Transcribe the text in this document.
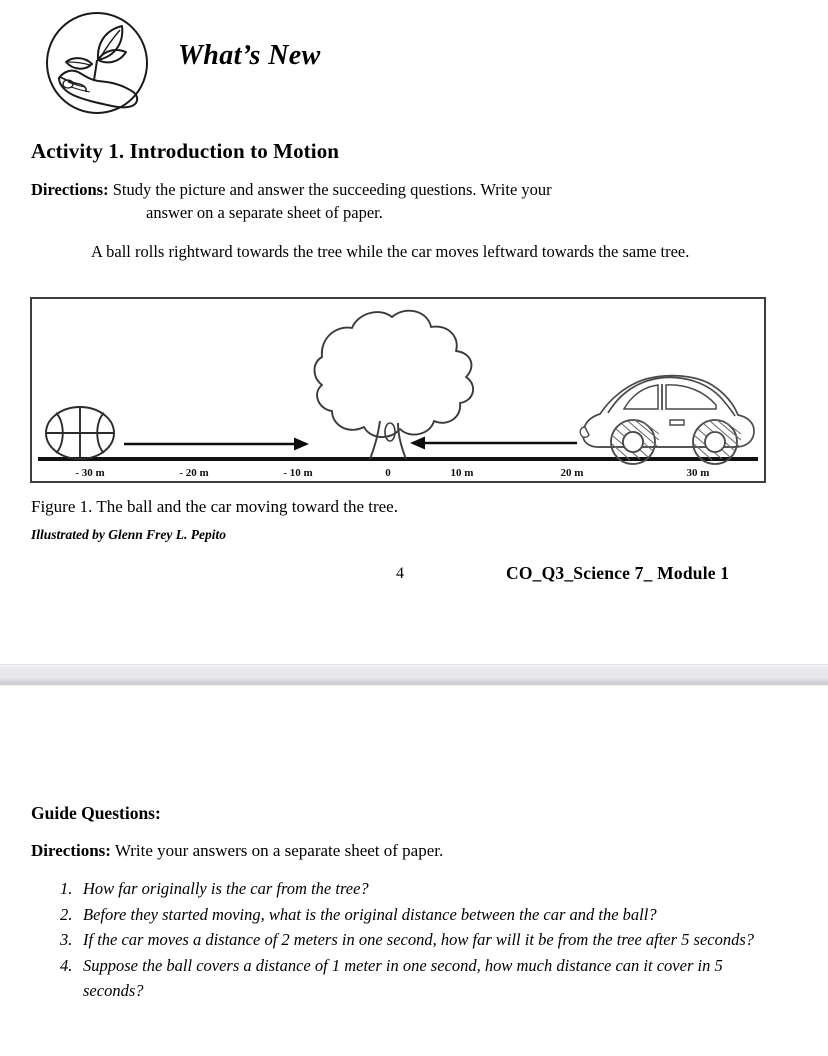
What’s New
Activity 1. Introduction to Motion
Directions: Study the picture and answer the succeeding questions. Write your
answer on a separate sheet of paper.
A ball rolls rightward towards the tree while the car moves leftward towards the same tree.
- 30 m	- 20 m	- 10 m	0	10 m	20 m	30 m
Figure 1. The ball and the car moving toward the tree.
Illustrated by Glenn Frey L. Pepito
4	CO_Q3_Science 7_ Module 1
Guide Questions:
Directions: Write your answers on a separate sheet of paper.
1. How far originally is the car from the tree?
2. Before they started moving, what is the original distance between the car and the ball?
3. If the car moves a distance of 2 meters in one second, how far will it be from the tree after 5 seconds?
4. Suppose the ball covers a distance of 1 meter in one second, how much distance can it cover in 5 seconds?
